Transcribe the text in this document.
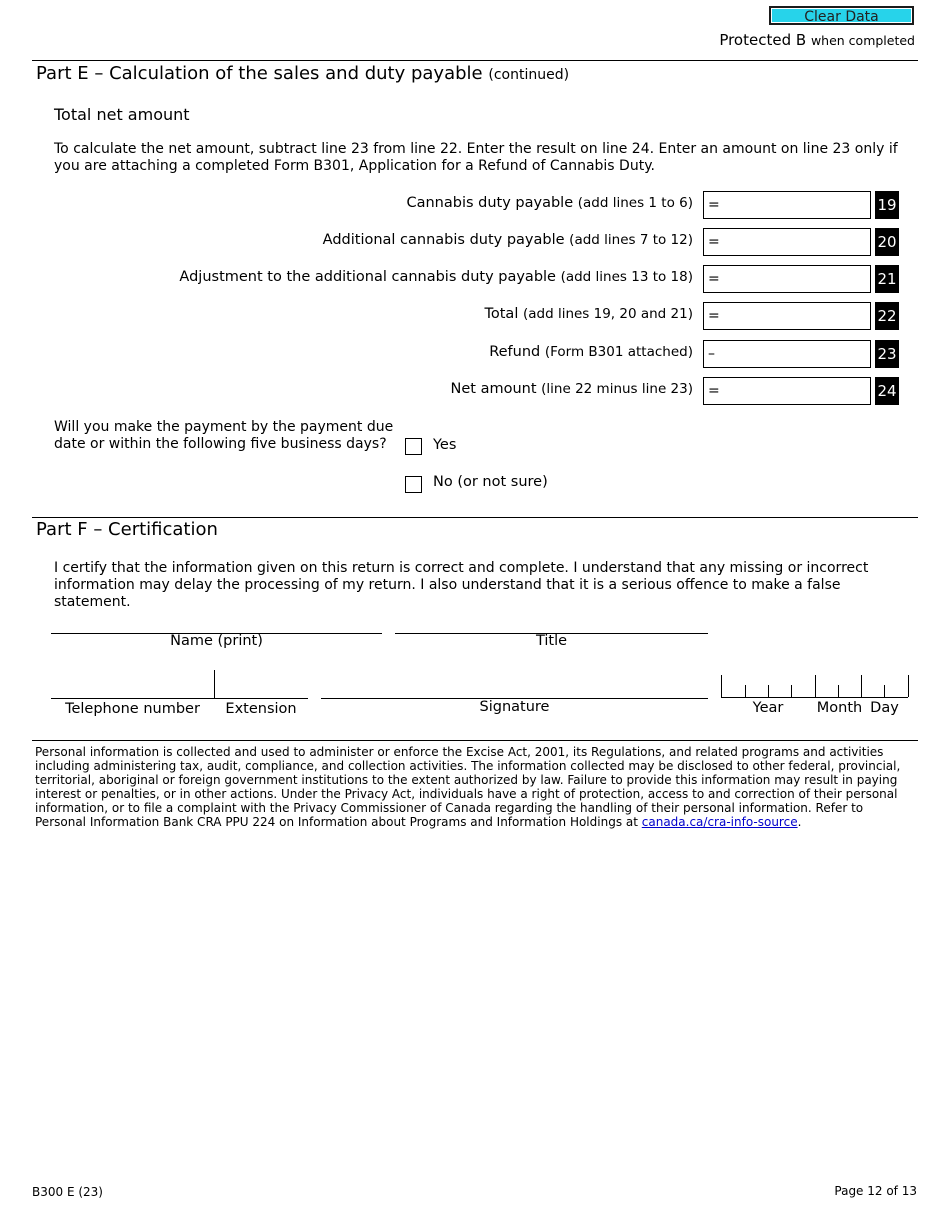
Clear Data
Protected B when completed
Part E – Calculation of the sales and duty payable (continued)
Total net amount
To calculate the net amount, subtract line 23 from line 22. Enter the result on line 24. Enter an amount on line 23 only if you are attaching a completed Form B301, Application for a Refund of Cannabis Duty.
Cannabis duty payable (add lines 1 to 6) =	19
Additional cannabis duty payable (add lines 7 to 12) =	20
Adjustment to the additional cannabis duty payable (add lines 13 to 18) =	21
Total (add lines 19, 20 and 21) =	22
Refund (Form B301 attached) –	23
Net amount (line 22 minus line 23) =	24
Will you make the payment by the payment due date or within the following five business days?	Yes
No (or not sure)
Part F – Certification
I certify that the information given on this return is correct and complete. I understand that any missing or incorrect information may delay the processing of my return. I also understand that it is a serious offence to make a false statement.
Name (print)	Title
Telephone number	Extension	Signature	Year	Month Day
Personal information is collected and used to administer or enforce the Excise Act, 2001, its Regulations, and related programs and activities including administering tax, audit, compliance, and collection activities. The information collected may be disclosed to other federal, provincial, territorial, aboriginal or foreign government institutions to the extent authorized by law. Failure to provide this information may result in paying interest or penalties, or in other actions. Under the Privacy Act, individuals have a right of protection, access to and correction of their personal information, or to file a complaint with the Privacy Commissioner of Canada regarding the handling of their personal information. Refer to Personal Information Bank CRA PPU 224 on Information about Programs and Information Holdings at canada.ca/cra-info-source.
B300 E (23)	Page 12 of 13
